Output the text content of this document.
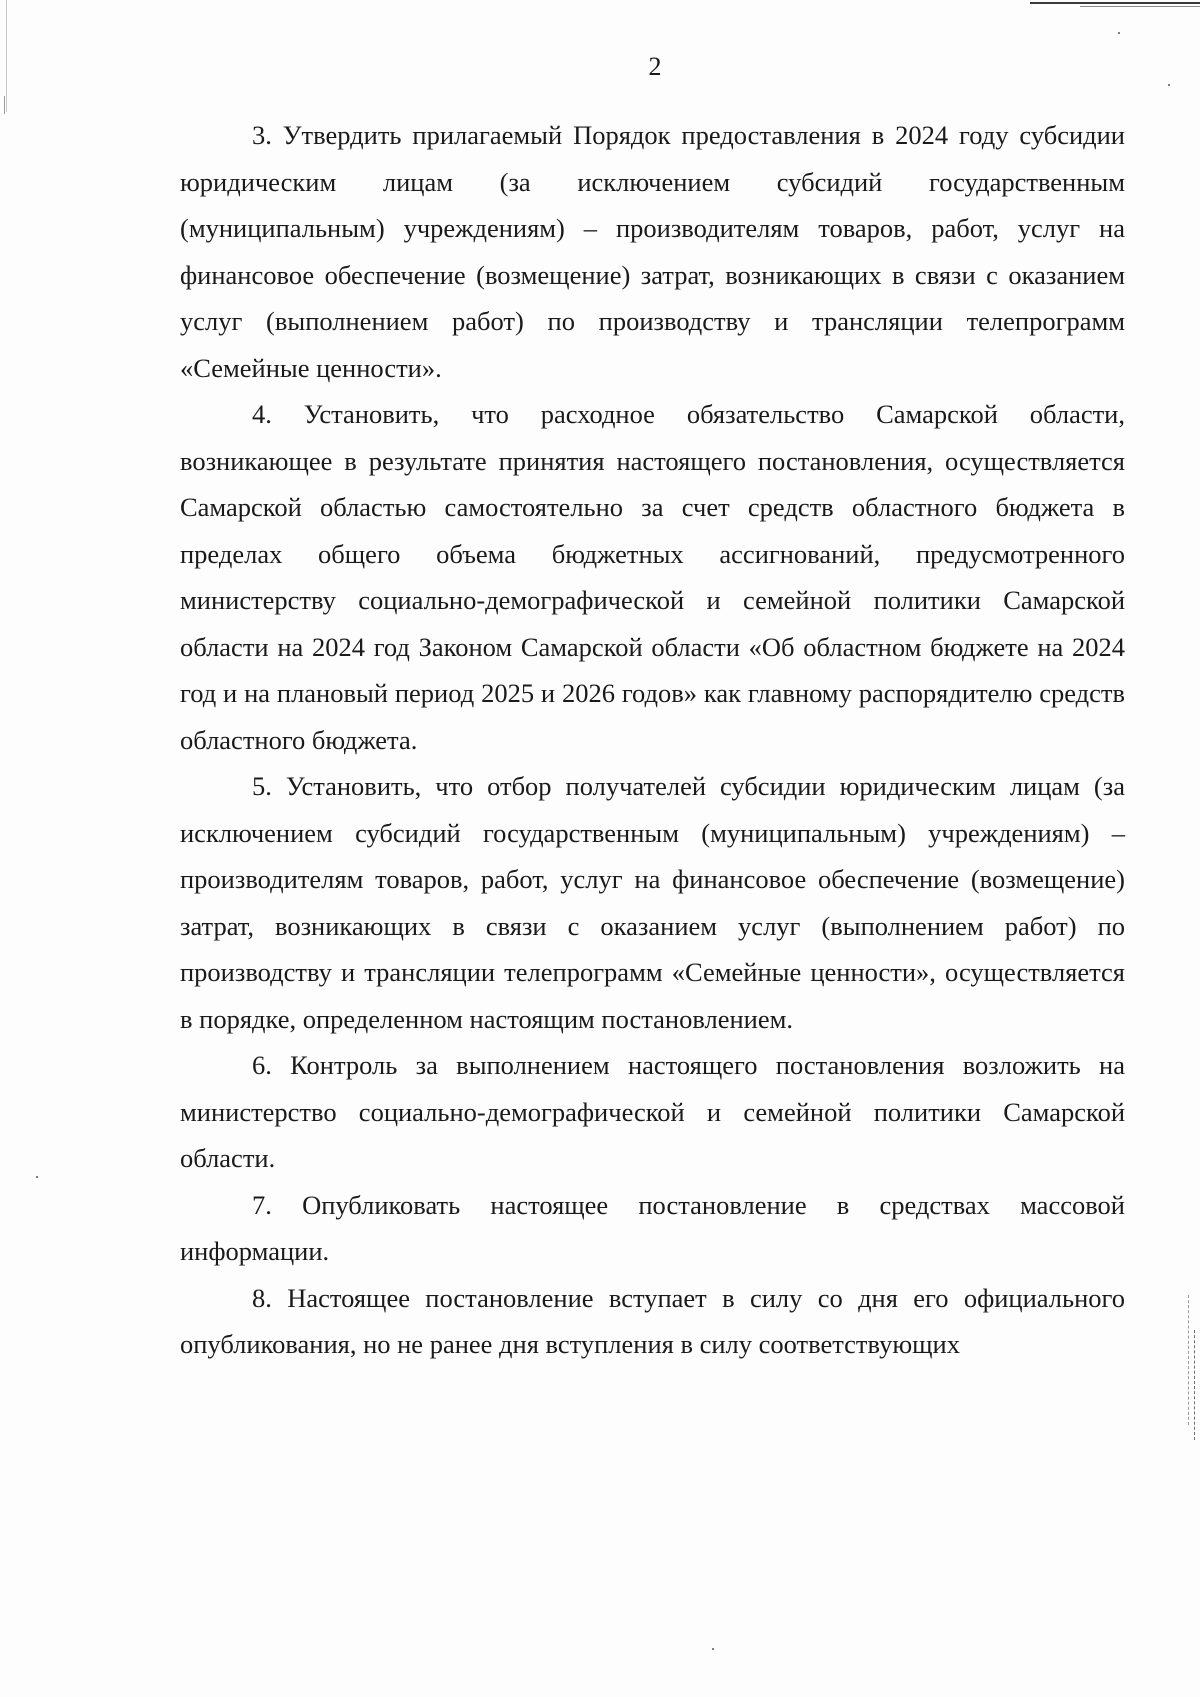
2

3. Утвердить прилагаемый Порядок предоставления в 2024 году субсидии юридическим лицам (за исключением субсидий государственным (муниципальным) учреждениям) – производителям товаров, работ, услуг на финансовое обеспечение (возмещение) затрат, возникающих в связи с оказанием услуг (выполнением работ) по производству и трансляции телепрограмм «Семейные ценности».

4. Установить, что расходное обязательство Самарской области, возникающее в результате принятия настоящего постановления, осуществляется Самарской областью самостоятельно за счет средств областного бюджета в пределах общего объема бюджетных ассигнований, предусмотренного министерству социально-демографической и семейной политики Самарской области на 2024 год Законом Самарской области «Об областном бюджете на 2024 год и на плановый период 2025 и 2026 годов» как главному распорядителю средств областного бюджета.

5. Установить, что отбор получателей субсидии юридическим лицам (за исключением субсидий государственным (муниципальным) учреждениям) – производителям товаров, работ, услуг на финансовое обеспечение (возмещение) затрат, возникающих в связи с оказанием услуг (выполнением работ) по производству и трансляции телепрограмм «Семейные ценности», осуществляется в порядке, определенном настоящим постановлением.

6. Контроль за выполнением настоящего постановления возложить на министерство социально-демографической и семейной политики Самарской области.

7. Опубликовать настоящее постановление в средствах массовой информации.

8. Настоящее постановление вступает в силу со дня его официального опубликования, но не ранее дня вступления в силу соответствующих
